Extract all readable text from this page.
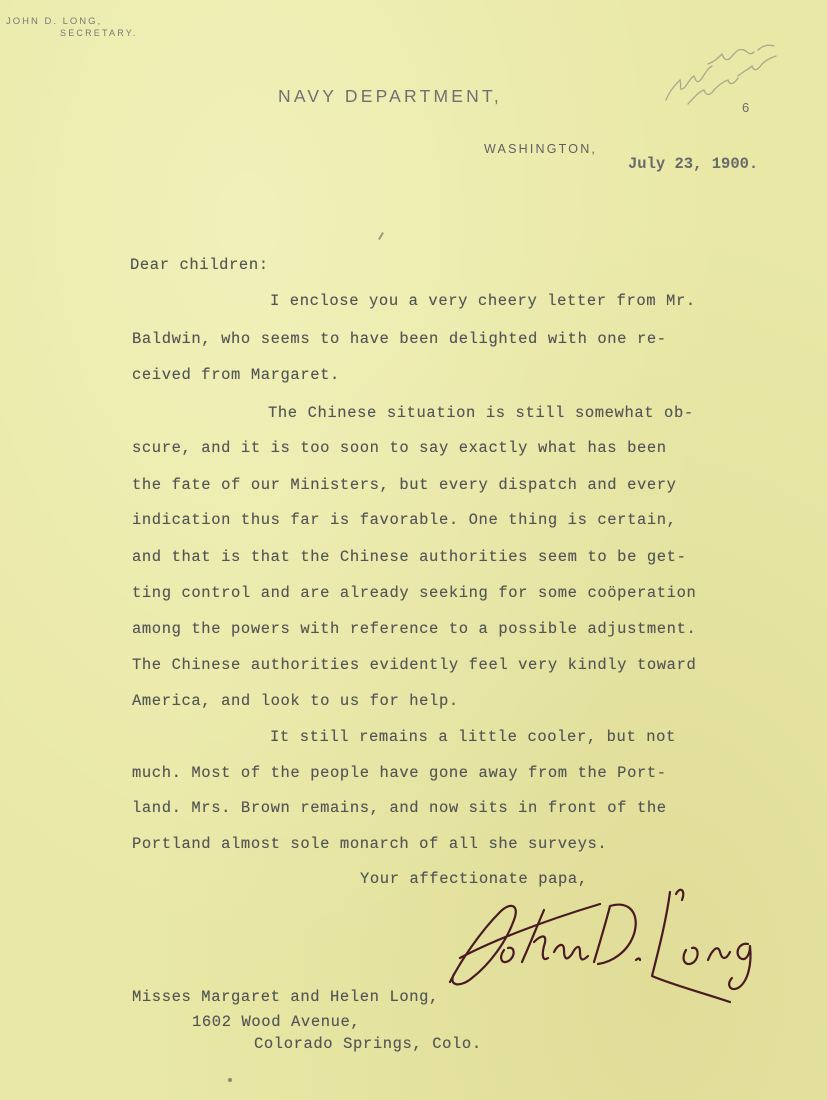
JOHN D. LONG,
SECRETARY.
NAVY DEPARTMENT,
WASHINGTON,
July 23, 1900.
6
Dear children:
I enclose you a very cheery letter from Mr.
Baldwin, who seems to have been delighted with one re-
ceived from Margaret.
The Chinese situation is still somewhat ob-
scure, and it is too soon to say exactly what has been
the fate of our Ministers, but every dispatch and every
indication thus far is favorable. One thing is certain,
and that is that the Chinese authorities seem to be get-
ting control and are already seeking for some coöperation
among the powers with reference to a possible adjustment.
The Chinese authorities evidently feel very kindly toward
America, and look to us for help.
It still remains a little cooler, but not
much. Most of the people have gone away from the Port-
land. Mrs. Brown remains, and now sits in front of the
Portland almost sole monarch of all she surveys.
Your affectionate papa,
Misses Margaret and Helen Long,
1602 Wood Avenue,
Colorado Springs, Colo.
